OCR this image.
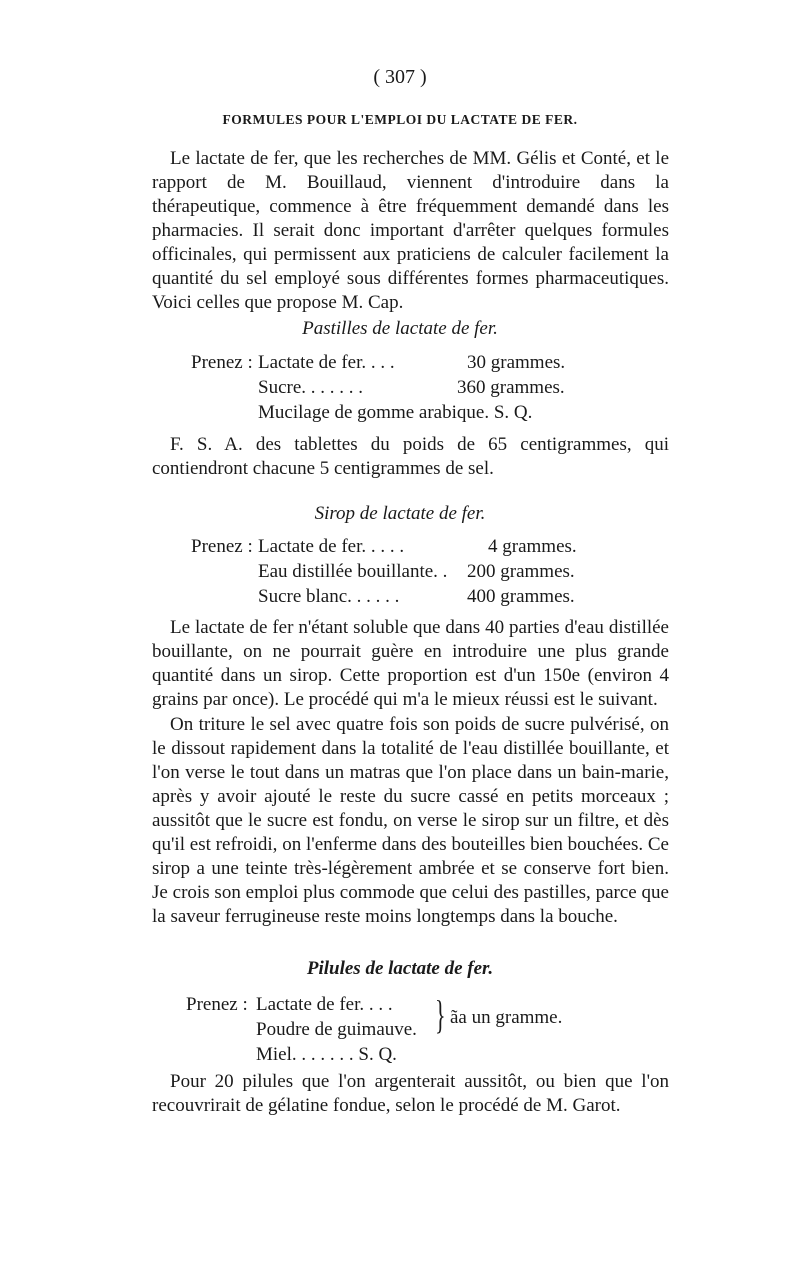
( 307 )
FORMULES POUR L'EMPLOI DU LACTATE DE FER.

Le lactate de fer, que les recherches de MM. Gélis et Conté, et le rapport de M. Bouillaud, viennent d'introduire dans la thérapeutique, commence à être fréquemment demandé dans les pharmacies. Il serait donc important d'arrêter quelques formules officinales, qui permissent aux praticiens de calculer facilement la quantité du sel employé sous différentes formes pharmaceutiques. Voici celles que propose M. Cap.

Pastilles de lactate de fer.
Prenez : Lactate de fer. . . .	30 grammes.
Sucre. . . . . . .	360 grammes.
Mucilage de gomme arabique. S. Q.

F. S. A. des tablettes du poids de 65 centigrammes, qui contiendront chacune 5 centigrammes de sel.

Sirop de lactate de fer.
Prenez : Lactate de fer. . . . .	4 grammes.
Eau distillée bouillante. . 200 grammes.
Sucre blanc. . . . . .	400 grammes.

Le lactate de fer n'étant soluble que dans 40 parties d'eau distillée bouillante, on ne pourrait guère en introduire une plus grande quantité dans un sirop. Cette proportion est d'un 150e (environ 4 grains par once). Le procédé qui m'a le mieux réussi est le suivant.

On triture le sel avec quatre fois son poids de sucre pulvérisé, on le dissout rapidement dans la totalité de l'eau distillée bouillante, et l'on verse le tout dans un matras que l'on place dans un bain-marie, après y avoir ajouté le reste du sucre cassé en petits morceaux ; aussitôt que le sucre est fondu, on verse le sirop sur un filtre, et dès qu'il est refroidi, on l'enferme dans des bouteilles bien bouchées. Ce sirop a une teinte très-légèrement ambrée et se conserve fort bien. Je crois son emploi plus commode que celui des pastilles, parce que la saveur ferrugineuse reste moins longtemps dans la bouche.

Pilules de lactate de fer.
Prenez : Lactate de fer. . . .
Poudre de guimauve. } ãa un gramme.
Miel. . . . . . . S. Q.

Pour 20 pilules que l'on argenterait aussitôt, ou bien que l'on recouvrirait de gélatine fondue, selon le procédé de M. Garot.
